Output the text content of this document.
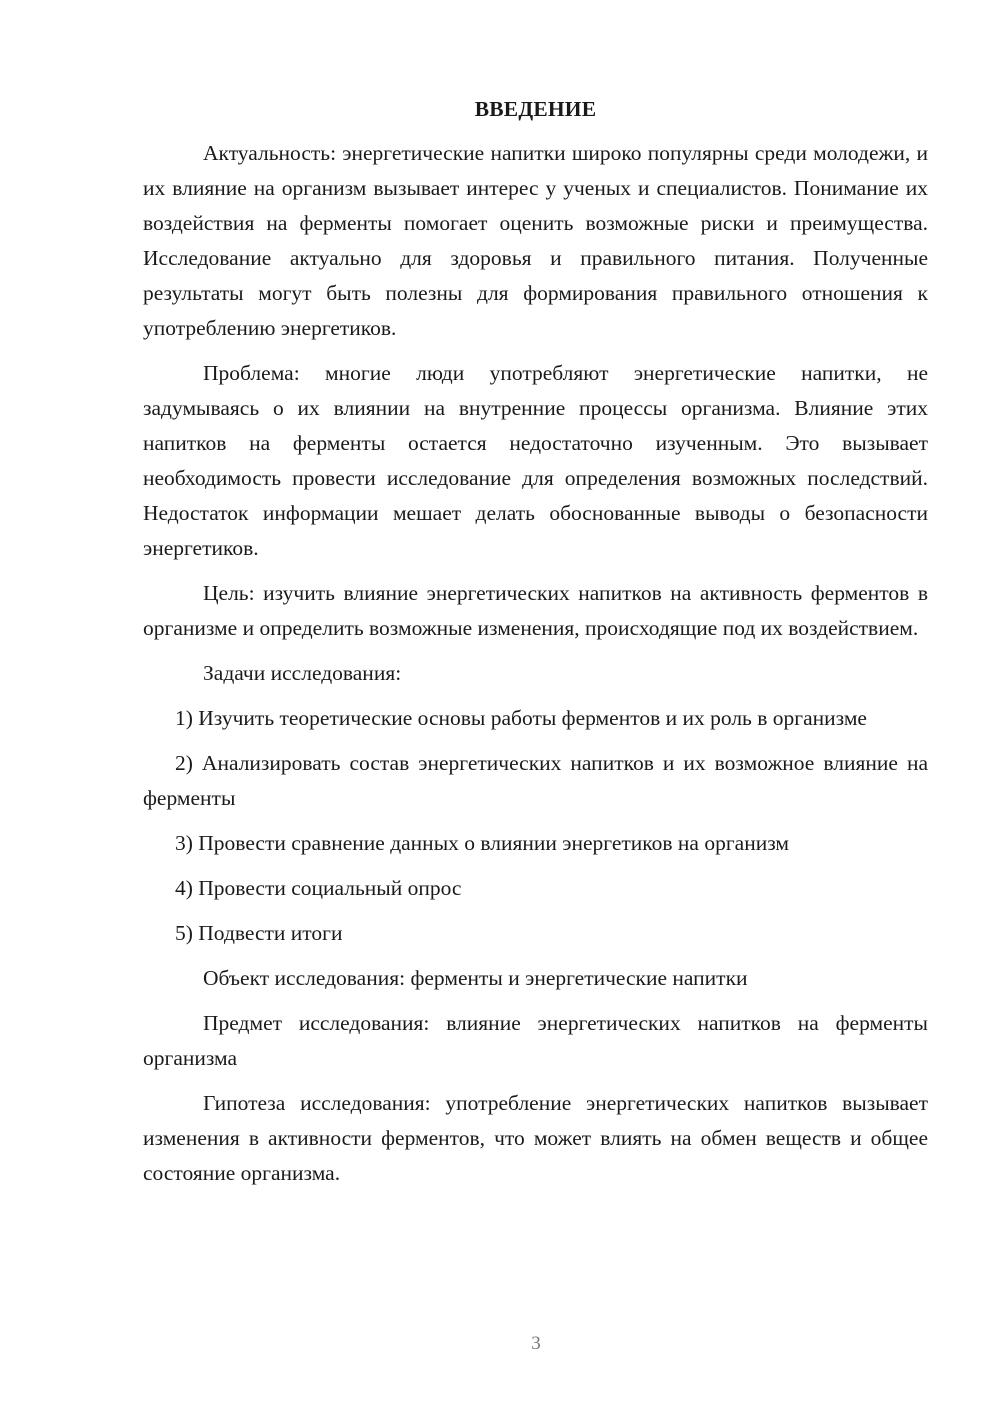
ВВЕДЕНИЕ

Актуальность: энергетические напитки широко популярны среди молодежи, и их влияние на организм вызывает интерес у ученых и специалистов. Понимание их воздействия на ферменты помогает оценить возможные риски и преимущества. Исследование актуально для здоровья и правильного питания. Полученные результаты могут быть полезны для формирования правильного отношения к употреблению энергетиков.

Проблема: многие люди употребляют энергетические напитки, не задумываясь о их влиянии на внутренние процессы организма. Влияние этих напитков на ферменты остается недостаточно изученным. Это вызывает необходимость провести исследование для определения возможных последствий. Недостаток информации мешает делать обоснованные выводы о безопасности энергетиков.

Цель: изучить влияние энергетических напитков на активность ферментов в организме и определить возможные изменения, происходящие под их воздействием.

Задачи исследования:

1) Изучить теоретические основы работы ферментов и их роль в организме

2) Анализировать состав энергетических напитков и их возможное влияние на ферменты

3) Провести сравнение данных о влиянии энергетиков на организм

4) Провести социальный опрос

5) Подвести итоги

Объект исследования: ферменты и энергетические напитки

Предмет исследования: влияние энергетических напитков на ферменты организма

Гипотеза исследования: употребление энергетических напитков вызывает изменения в активности ферментов, что может влиять на обмен веществ и общее состояние организма.

3
